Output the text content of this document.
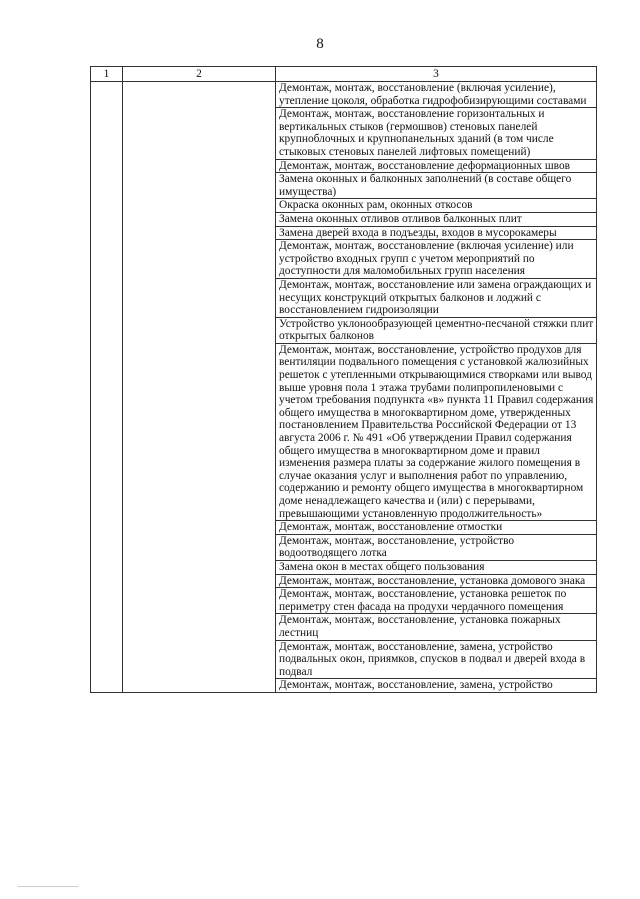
8
1	2	3
		Демонтаж, монтаж, восстановление (включая усиление), утепление цоколя, обработка гидрофобизирующими составами
		Демонтаж, монтаж, восстановление горизонтальных и вертикальных стыков (гермошвов) стеновых панелей крупноблочных и крупнопанельных зданий (в том числе стыковых стеновых панелей лифтовых помещений)
		Демонтаж, монтаж, восстановление деформационных швов
		Замена оконных и балконных заполнений (в составе общего имущества)
		Окраска оконных рам, оконных откосов
		Замена оконных отливов отливов балконных плит
		Замена дверей входа в подъезды, входов в мусорокамеры
		Демонтаж, монтаж, восстановление (включая усиление) или устройство входных групп с учетом мероприятий по доступности для маломобильных групп населения
		Демонтаж, монтаж, восстановление или замена ограждающих и несущих конструкций открытых балконов и лоджий с восстановлением гидроизоляции
		Устройство уклонообразующей цементно-песчаной стяжки плит открытых балконов
		Демонтаж, монтаж, восстановление, устройство продухов для вентиляции подвального помещения с установкой жалюзийных решеток с утепленными открывающимися створками или вывод выше уровня пола 1 этажа трубами полипропиленовыми с учетом требования подпункта «в» пункта 11 Правил содержания общего имущества в многоквартирном доме, утвержденных постановлением Правительства Российской Федерации от 13 августа 2006 г. № 491 «Об утверждении Правил содержания общего имущества в многоквартирном доме и правил изменения размера платы за содержание жилого помещения в случае оказания услуг и выполнения работ по управлению, содержанию и ремонту общего имущества в многоквартирном доме ненадлежащего качества и (или) с перерывами, превышающими установленную продолжительность»
		Демонтаж, монтаж, восстановление отмостки
		Демонтаж, монтаж, восстановление, устройство водоотводящего лотка
		Замена окон в местах общего пользования
		Демонтаж, монтаж, восстановление, установка домового знака
		Демонтаж, монтаж, восстановление, установка решеток по периметру стен фасада на продухи чердачного помещения
		Демонтаж, монтаж, восстановление, установка пожарных лестниц
		Демонтаж, монтаж, восстановление, замена, устройство подвальных окон, приямков, спусков в подвал и дверей входа в подвал
		Демонтаж, монтаж, восстановление, замена, устройство
